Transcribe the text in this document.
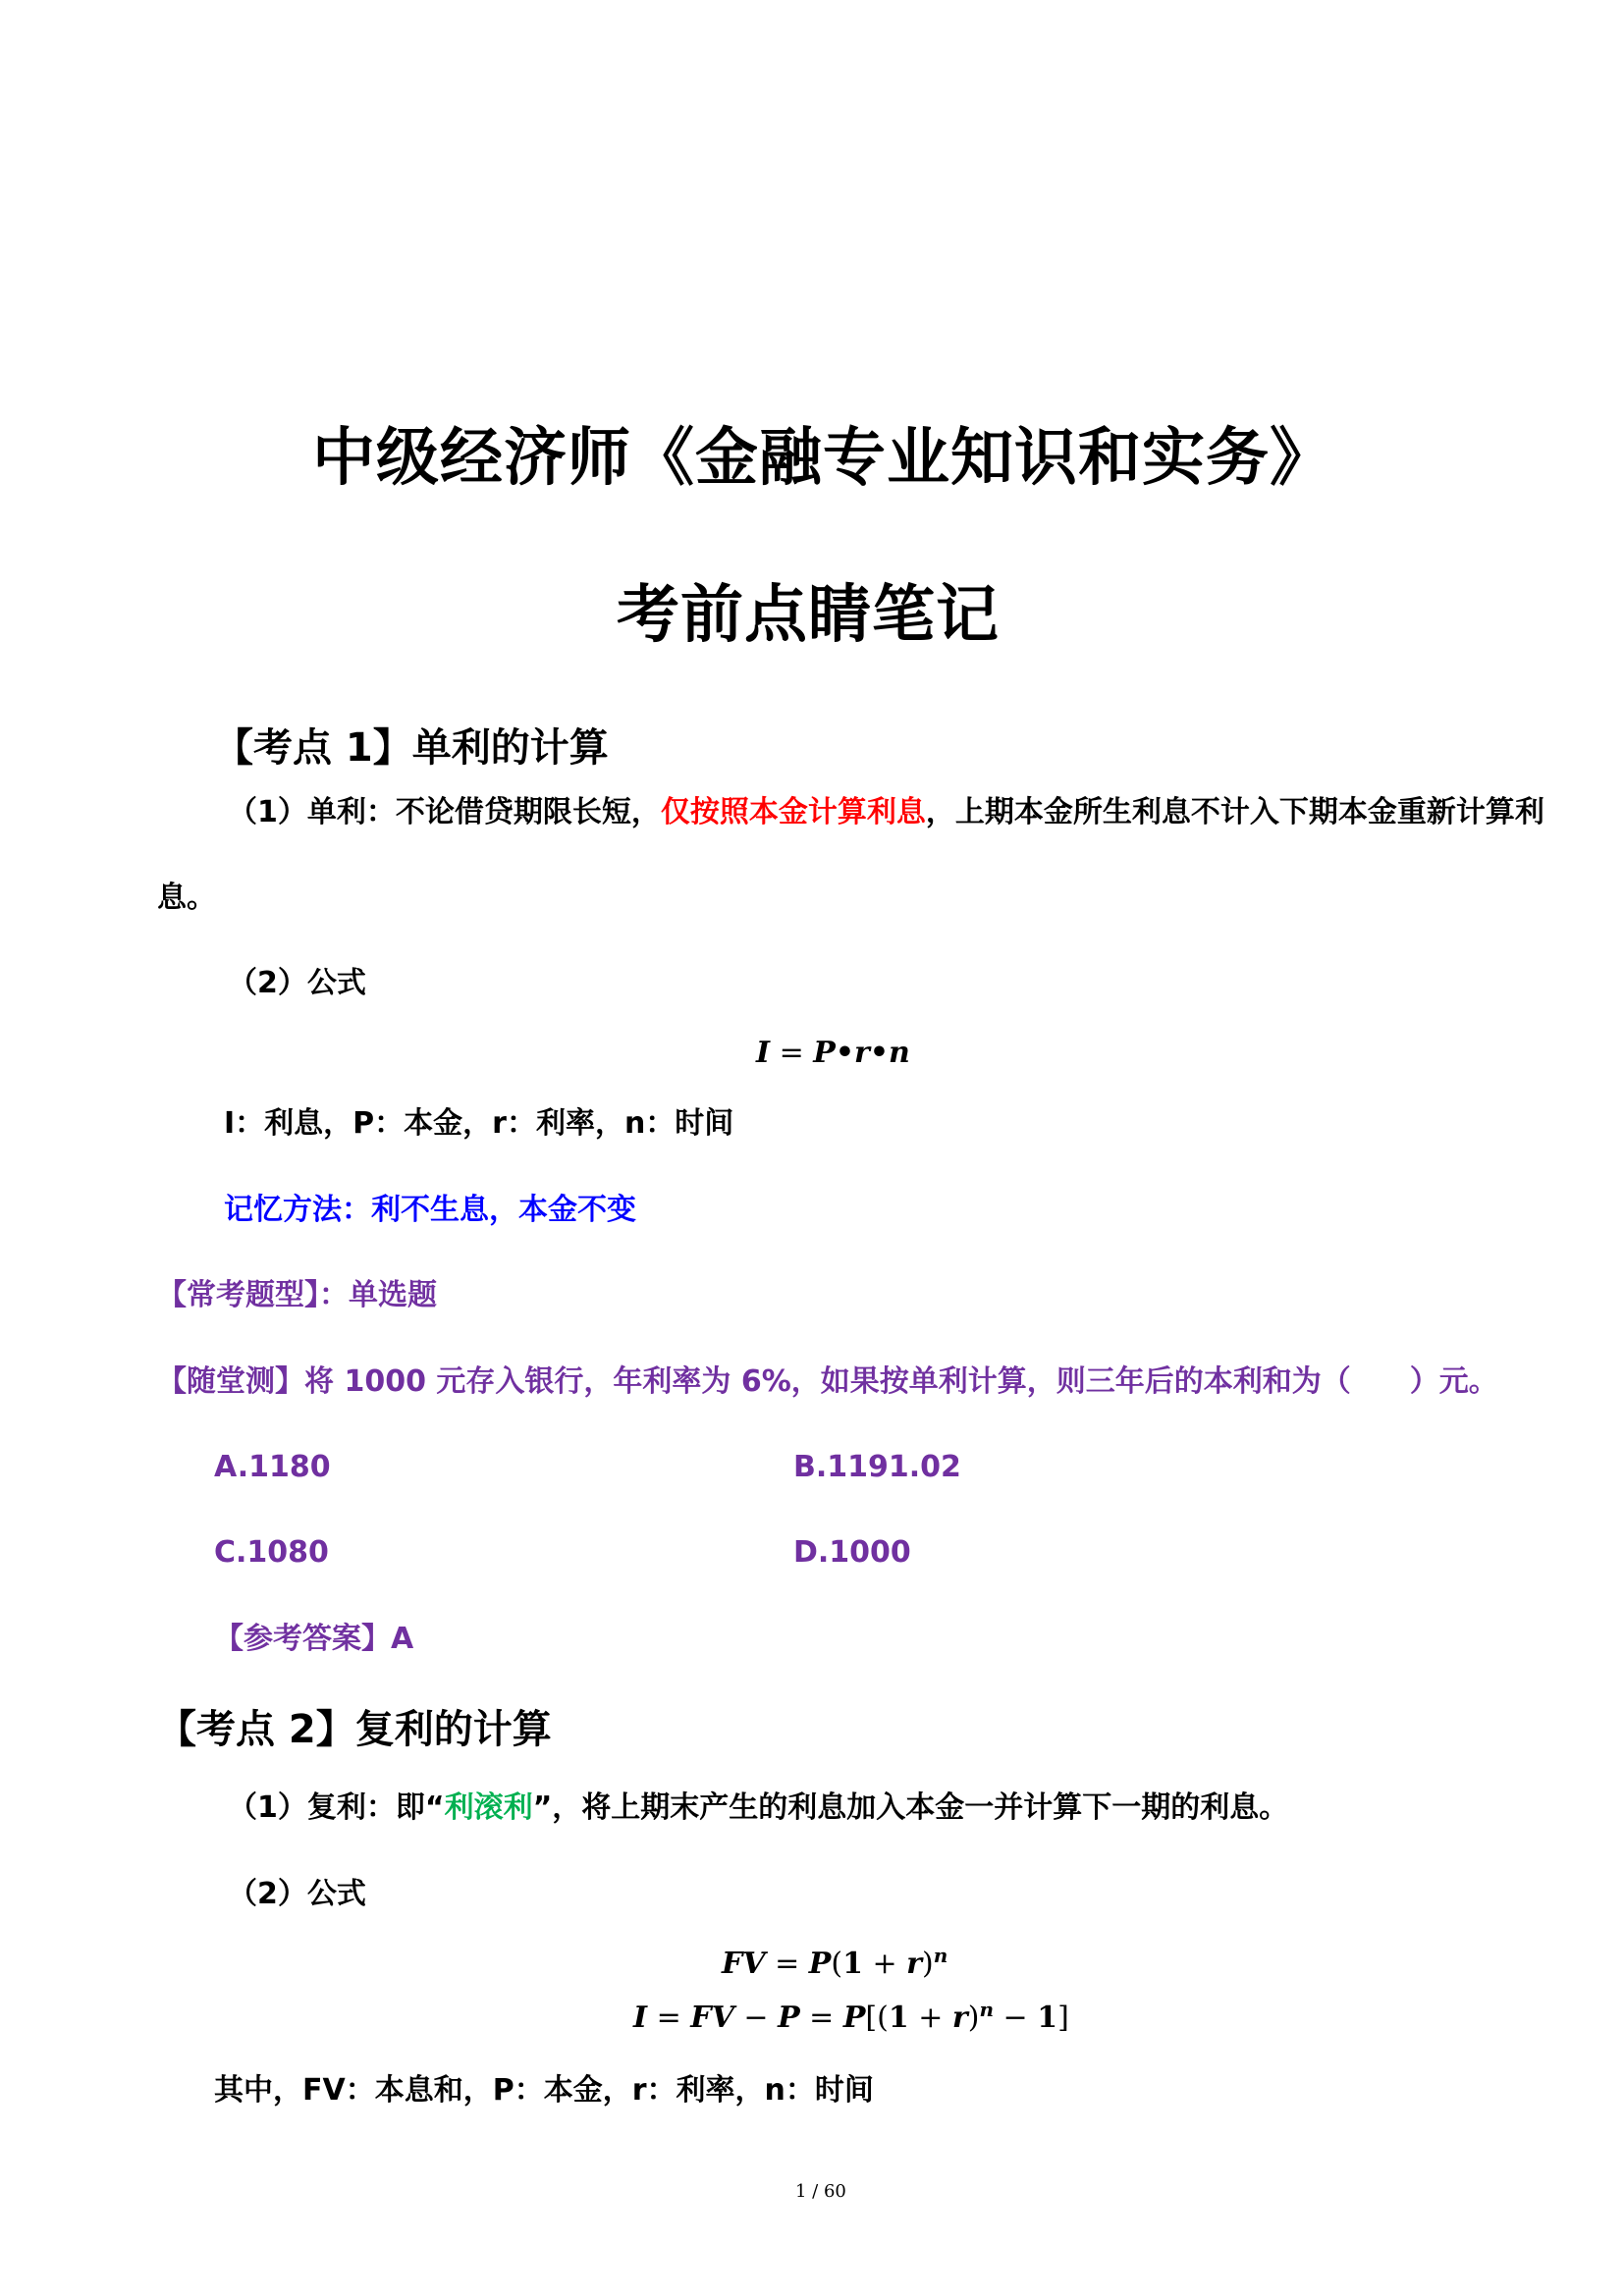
中级经济师《金融专业知识和实务》
考前点睛笔记
【考点 1】单利的计算
（1）单利：不论借贷期限长短，仅按照本金计算利息，上期本金所生利息不计入下期本金重新计算利
息。
（2）公式
I = P•r•n
I：利息，P：本金，r：利率，n：时间
记忆方法：利不生息，本金不变
【常考题型】：单选题
【随堂测】将 1000 元存入银行，年利率为 6%，如果按单利计算，则三年后的本利和为（　　）元。
A.1180	B.1191.02
C.1080	D.1000
【参考答案】A
【考点 2】复利的计算
（1）复利：即“利滚利”，将上期末产生的利息加入本金一并计算下一期的利息。
（2）公式
FV = $P(1 + r)^n$
I = FV − $P = P[(1 + r)^n - 1]$
其中，FV：本息和，P：本金，r：利率，n：时间
1 / 60
